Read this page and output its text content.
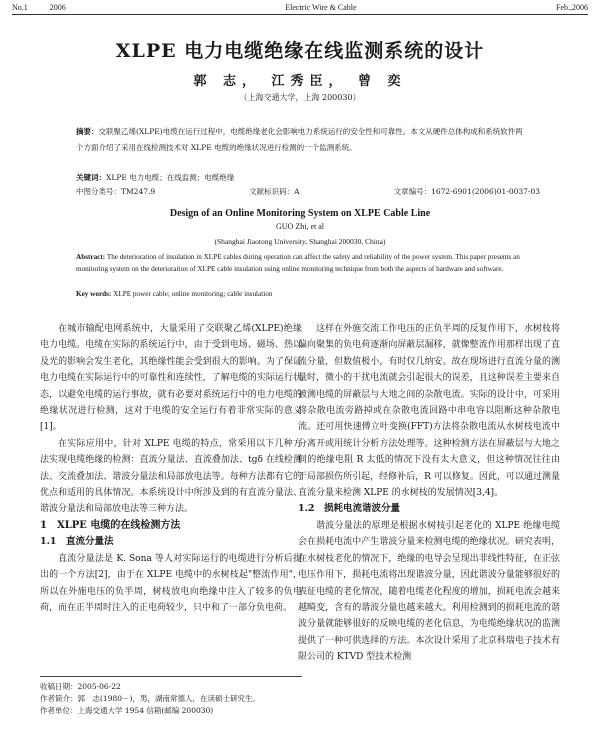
No.1	2006	Electric Wire & Cable	Feb.,2006
XLPE 电力电缆绝缘在线监测系统的设计
郭 志， 江秀臣， 曾 奕
（上海交通大学，上海 200030）
摘要：交联聚乙烯(XLPE)电缆在运行过程中，电缆绝缘老化会影响电力系统运行的安全性和可靠性。本文从硬件总体构成和系统软件两个方面介绍了采用在线检测技术对 XLPE 电缆的绝缘状况进行检测的一个监测系统。
关键词：XLPE 电力电缆；在线监测；电缆绝缘
中图分类号：TM247.9	文献标识码：A	文章编号：1672-6901(2006)01-0037-03
Design of an Online Monitoring System on XLPE Cable Line
GUO Zhi, et al
(Shanghai Jiaotong University, Shanghai 200030, China)
Abstract: The deterioration of insulation in XLPE cables during operation can affect the safety and reliability of the power system. This paper presents an monitoring system on the deterioration of XLPE cable insulation using online monitoring technique from both the aspects of hardware and software.
Key words: XLPE power cable; online monitoring; cable insulation

在城市输配电网系统中，大量采用了交联聚乙烯(XLPE)绝缘电力电缆。电缆在实际的系统运行中，由于受到电场、磁场、热以及光的影响会发生老化，其绝缘性能会受到很大的影响。为了保证电力电缆在实际运行中的可靠性和连续性，了解电缆的实际运行状态，以避免电缆的运行事故，就有必要对系统运行中的电力电缆的绝缘状况进行检测，这对于电缆的安全运行有着非常实际的意义[1]。

在实际应用中，针对 XLPE 电缆的特点，常采用以下几种方法实现电缆绝缘的检测：直流分量法、直流叠加法、tgδ 在线检测法、交流叠加法、谐波分量法和局部放电法等。每种方法都有它的优点和适用的具体情况。本系统设计中所涉及到的有直流分量法、谐波分量法和局部放电法等三种方法。

1　XLPE 电缆的在线检测方法

1.1　直流分量法

直流分量法是 K. Sona 等人对实际运行的电缆进行分析后提出的一个方法[2]，由于在 XLPE 电缆中的水树枝起"整流作用"，所以在外施电压的负半周，树枝放电向绝缘中注入了较多的负电荷，而在正半周时注入的正电荷较少，只中和了一部分负电荷。

这样在外施交流工作电压的正负半周的反复作用下，水树枝将偏向聚集的负电荷逐渐向屏蔽层漏移，就像整流作用那样出现了直流分量，但数值极小，有时仅几纳安。故在现场进行直流分量的测量时，微小的干扰电流就会引起很大的误差，且这种误差主要来自被测电缆的屏蔽层与大地之间的杂散电流。实际的设计中，可采用将杂散电流旁路掉或在杂散电流回路中串电容以阻断这种杂散电流。还可用快速傅立叶变换(FFT)方法将杂散电流从水树枝电流中分离开或用统计分析方法处理等。这种检测方法在屏蔽层与大地之间的绝缘电阻 R 太低的情况下没有太大意义，但这种情况往往由于局部损伤所引起，经修补后，R 可以修复。因此，可以通过测量直流分量来检测 XLPE 的水树枝的发展情况[3,4]。

1.2　损耗电流谐波分量

谐波分量法的原理是根据水树枝引起老化的 XLPE 绝缘电缆会在损耗电流中产生谐波分量来检测电缆的绝缘状况。研究表明，在水树枝老化的情况下，绝缘的电导会呈现出非线性特征，在正弦电压作用下，损耗电流将出现谐波分量，因此谐波分量能够很好的表征电缆的老化情况，随着电缆老化程度的增加，损耗电流会越来越畸变，含有的谐波分量也越来越大。利用检测到的损耗电流的谐波分量就能够很好的反映电缆的老化信息，为电缆绝缘状况的监测提供了一种可供选择的方法。本次设计采用了北京科瑞电子技术有限公司的 KTVD 型技术检测

收稿日期：2005-06-22
作者简介：郭　志(1980－)，男，湖南常德人，在读硕士研究生。
作者单位：上海交通大学 1954 信箱(邮编 200030)
